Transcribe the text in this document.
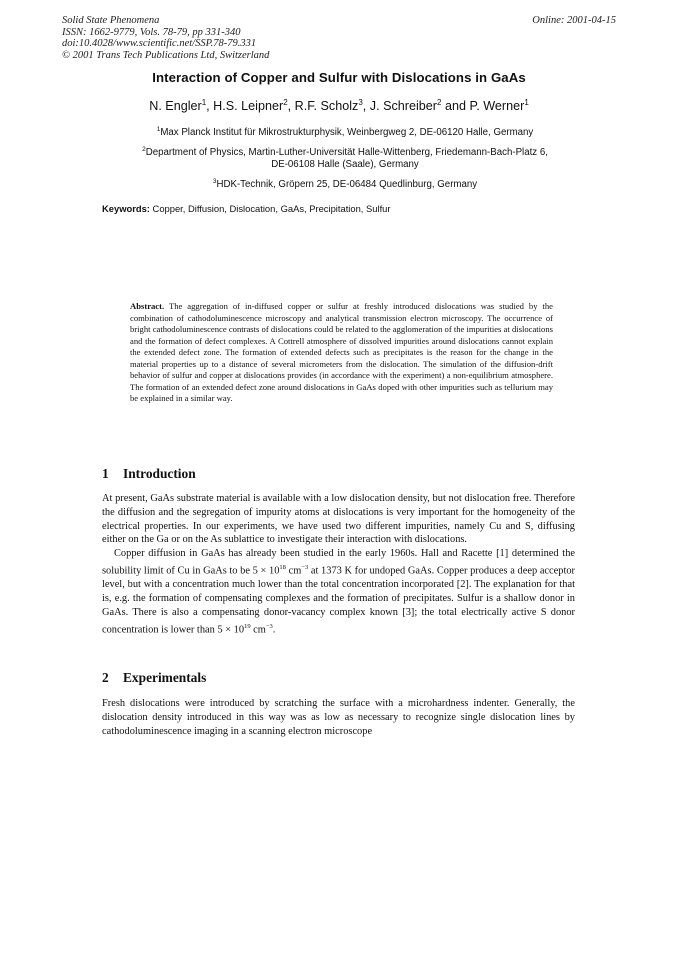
Solid State Phenomena
ISSN: 1662-9779, Vols. 78-79, pp 331-340
doi:10.4028/www.scientific.net/SSP.78-79.331
© 2001 Trans Tech Publications Ltd, Switzerland
Online: 2001-04-15
Interaction of Copper and Sulfur with Dislocations in GaAs
N. Engler$^1$, H.S. Leipner$^2$, R.F. Scholz$^3$, J. Schreiber$^2$ and P. Werner$^1$
$^1$Max Planck Institut für Mikrostrukturphysik, Weinbergweg 2, DE-06120 Halle, Germany
$^2$Department of Physics, Martin-Luther-Universität Halle-Wittenberg, Friedemann-Bach-Platz 6,
DE-06108 Halle (Saale), Germany
$^3$HDK-Technik, Gröpern 25, DE-06484 Quedlinburg, Germany
Keywords: Copper, Diffusion, Dislocation, GaAs, Precipitation, Sulfur
Abstract. The aggregation of in-diffused copper or sulfur at freshly introduced dislocations was studied by the combination of cathodoluminescence microscopy and analytical transmission electron microscopy. The occurrence of bright cathodoluminescence contrasts of dislocations could be related to the agglomeration of the impurities at dislocations and the formation of defect complexes. A Cottrell atmosphere of dissolved impurities around dislocations cannot explain the extended defect zone. The formation of extended defects such as precipitates is the reason for the change in the material properties up to a distance of several micrometers from the dislocation. The simulation of the diffusion-drift behavior of sulfur and copper at dislocations provides (in accordance with the experiment) a non-equilibrium atmosphere. The formation of an extended defect zone around dislocations in GaAs doped with other impurities such as tellurium may be explained in a similar way.
1 Introduction

At present, GaAs substrate material is available with a low dislocation density, but not dislocation free. Therefore the diffusion and the segregation of impurity atoms at dislocations is very important for the homogeneity of the electrical properties. In our experiments, we have used two different impurities, namely Cu and S, diffusing either on the Ga or on the As sublattice to investigate their interaction with dislocations.

Copper diffusion in GaAs has already been studied in the early 1960s. Hall and Racette [1] determined the solubility limit of Cu in GaAs to be $5 \times 10^{18}$ $cm^{-3}$ at 1373 K for undoped GaAs. Copper produces a deep acceptor level, but with a concentration much lower than the total concentration incorporated [2]. The explanation for that is, e.g. the formation of compensating complexes and the formation of precipitates. Sulfur is a shallow donor in GaAs. There is also a compensating donor-vacancy complex known [3]; the total electrically active S donor concentration is lower than $5 \times 10^{19}$ $cm^{-3}$.

2 Experimentals

Fresh dislocations were introduced by scratching the surface with a microhardness indenter. Generally, the dislocation density introduced in this way was as low as necessary to recognize single dislocation lines by cathodoluminescence imaging in a scanning electron microscope
